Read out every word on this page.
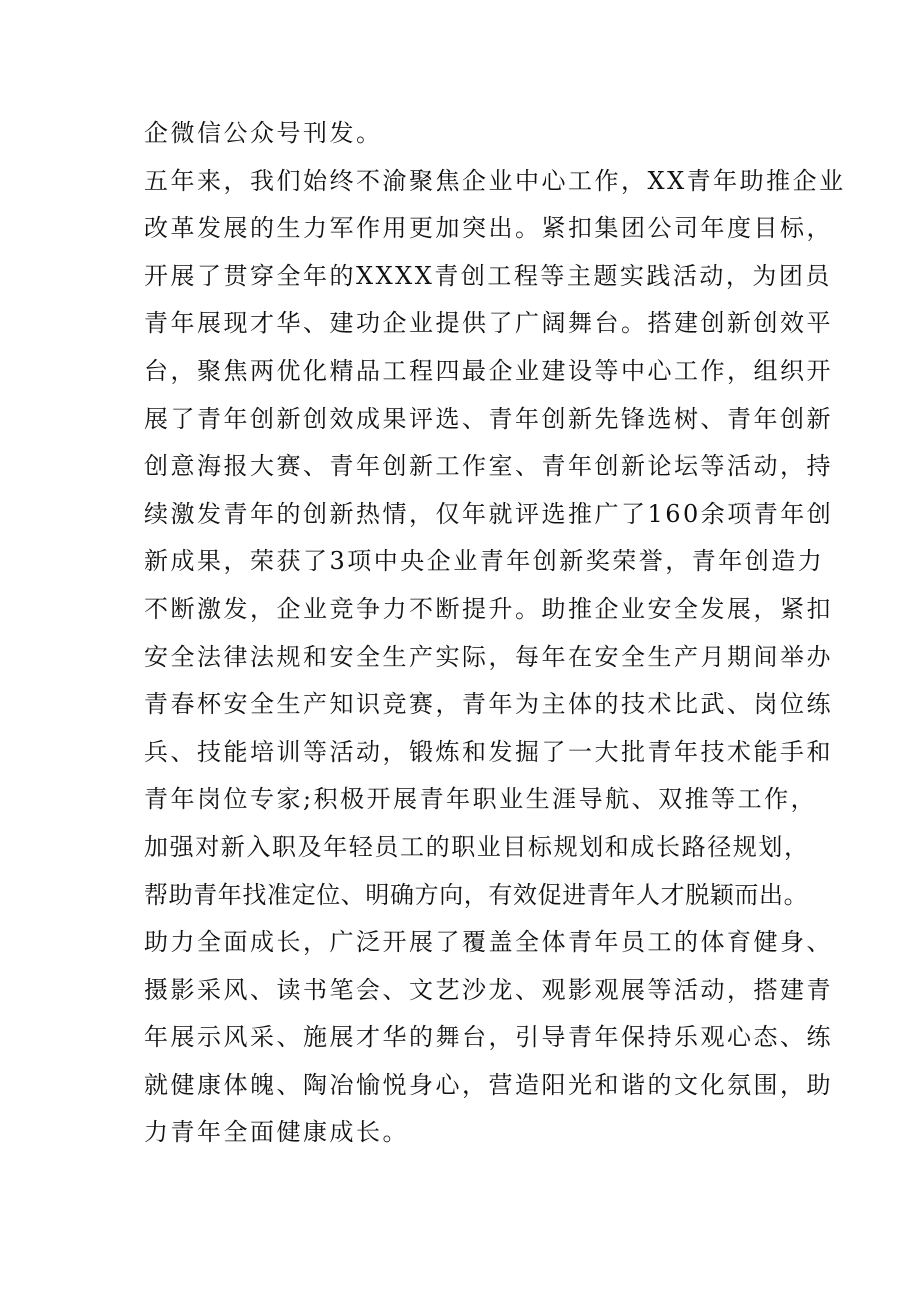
企微信公众号刊发。
五年来，我们始终不渝聚焦企业中心工作，XX青年助推企业
改革发展的生力军作用更加突出。紧扣集团公司年度目标，
开展了贯穿全年的XXXX青创工程等主题实践活动，为团员
青年展现才华、建功企业提供了广阔舞台。搭建创新创效平
台，聚焦两优化精品工程四最企业建设等中心工作，组织开
展了青年创新创效成果评选、青年创新先锋选树、青年创新
创意海报大赛、青年创新工作室、青年创新论坛等活动，持
续激发青年的创新热情，仅年就评选推广了160余项青年创
新成果，荣获了3项中央企业青年创新奖荣誉，青年创造力
不断激发，企业竞争力不断提升。助推企业安全发展，紧扣
安全法律法规和安全生产实际，每年在安全生产月期间举办
青春杯安全生产知识竞赛，青年为主体的技术比武、岗位练
兵、技能培训等活动，锻炼和发掘了一大批青年技术能手和
青年岗位专家;积极开展青年职业生涯导航、双推等工作，
加强对新入职及年轻员工的职业目标规划和成长路径规划，
帮助青年找准定位、明确方向，有效促进青年人才脱颖而出。
助力全面成长，广泛开展了覆盖全体青年员工的体育健身、
摄影采风、读书笔会、文艺沙龙、观影观展等活动，搭建青
年展示风采、施展才华的舞台，引导青年保持乐观心态、练
就健康体魄、陶冶愉悦身心，营造阳光和谐的文化氛围，助
力青年全面健康成长。
